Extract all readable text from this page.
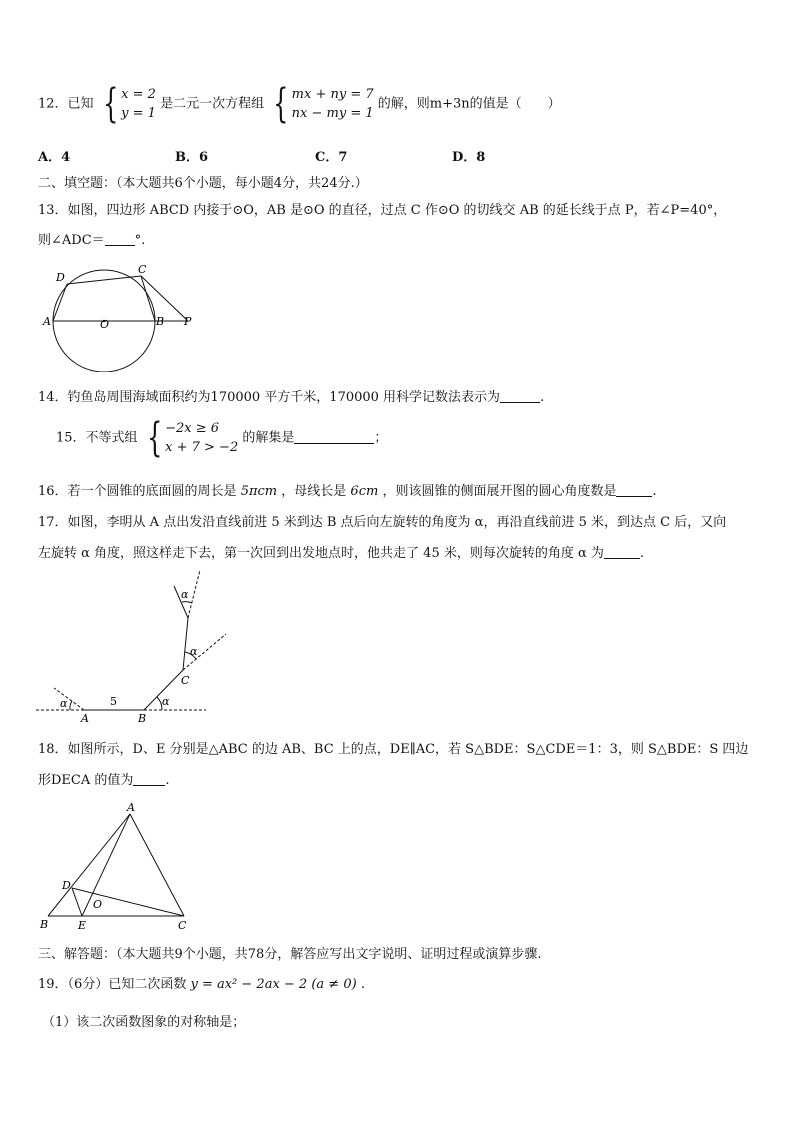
12．已知 { x = 2
y = 1
是二元一次方程组 { mx + ny = 7
nx − my = 1
的解，则m+3n的值是（　　）
A．4	B．6	C．7	D．8
二、填空题：（本大题共6个小题，每小题4分，共24分.）
13．如图，四边形 ABCD 内接于⊙O，AB 是⊙O 的直径，过点 C 作⊙O 的切线交 AB 的延长线于点 P，若∠P=40°，
则∠ADC＝ °.
D
C
A	O	B P
14．钓鱼岛周围海域面积约为170000 平方千米，170000 用科学记数法表示为	.
15．不等式组 { −2x ≥ 6
x + 7 > −2
的解集是	；
16．若一个圆锥的底面圆的周长是 5πcm ，母线长是 6cm ，则该圆锥的侧面展开图的圆心角度数是	.
17．如图，李明从 A 点出发沿直线前进 5 米到达 B 点后向左旋转的角度为 α，再沿直线前进 5 米，到达点 C 后，又向
左旋转 α 角度，照这样走下去，第一次回到出发地点时，他共走了 45 米，则每次旋转的角度 α 为	.
α	α
α
α
5
A	B
C
18．如图所示，D、E 分别是△ABC 的边 AB、BC 上的点，DE∥AC，若 S△BDE：S△CDE＝1：3，则 S△BDE：S 四边
形DECA 的值为 .
A
D
O
B	E	C
三、解答题：（本大题共9个小题，共78分，解答应写出文字说明、证明过程或演算步骤.
19．（6分）已知二次函数 y = ax² − 2ax − 2 (a ≠ 0) .
（1）该二次函数图象的对称轴是；
